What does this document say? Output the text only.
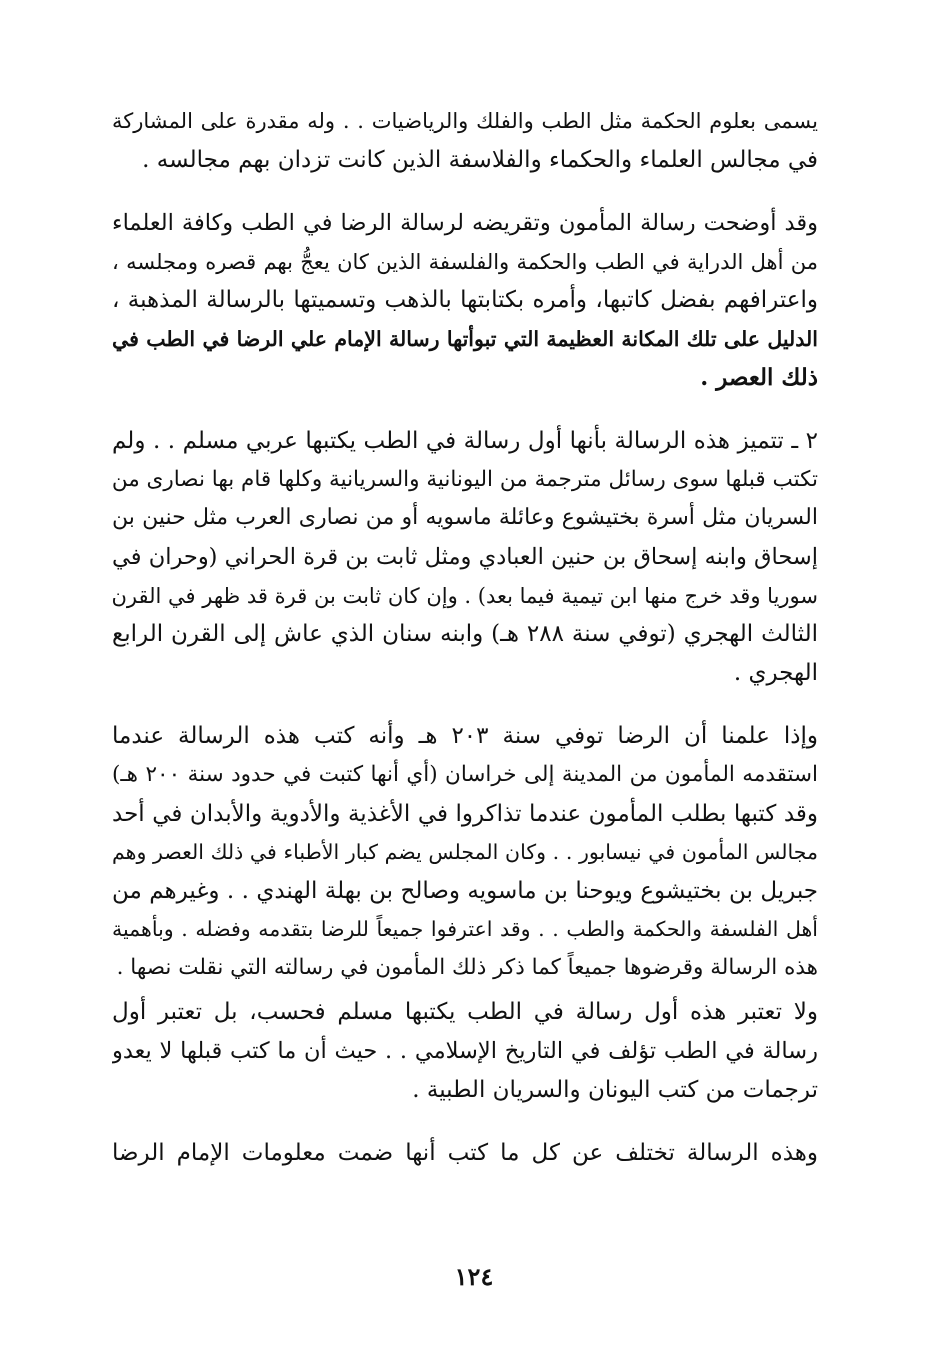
يسمى بعلوم الحكمة مثل الطب والفلك والرياضيات . . وله مقدرة على المشاركة
في مجالس العلماء والحكماء والفلاسفة الذين كانت تزدان بهم مجالسه .
وقد أوضحت رسالة المأمون وتقريضه لرسالة الرضا في الطب وكافة العلماء
من أهل الدراية في الطب والحكمة والفلسفة الذين كان يعجُّ بهم قصره ومجلسه ،
واعترافهم بفضل كاتبها، وأمره بكتابتها بالذهب وتسميتها بالرسالة المذهبة ،
الدليل على تلك المكانة العظيمة التي تبوأتها رسالة الإمام علي الرضا في الطب في
ذلك العصر .
٢ ـ تتميز هذه الرسالة بأنها أول رسالة في الطب يكتبها عربي مسلم . . ولم
تكتب قبلها سوى رسائل مترجمة من اليونانية والسريانية وكلها قام بها نصارى من
السريان مثل أسرة بختيشوع وعائلة ماسويه أو من نصارى العرب مثل حنين بن
إسحاق وابنه إسحاق بن حنين العبادي ومثل ثابت بن قرة الحراني (وحران في
سوريا وقد خرج منها ابن تيمية فيما بعد) . وإن كان ثابت بن قرة قد ظهر في القرن
الثالث الهجري (توفي سنة ٢٨٨ هـ) وابنه سنان الذي عاش إلى القرن الرابع
الهجري .
وإذا علمنا أن الرضا توفي سنة ٢٠٣ هـ وأنه كتب هذه الرسالة عندما
استقدمه المأمون من المدينة إلى خراسان (أي أنها كتبت في حدود سنة ٢٠٠ هـ)
وقد كتبها بطلب المأمون عندما تذاكروا في الأغذية والأدوية والأبدان في أحد
مجالس المأمون في نيسابور . . وكان المجلس يضم كبار الأطباء في ذلك العصر وهم
جبريل بن بختيشوع ويوحنا بن ماسويه وصالح بن بهلة الهندي . . وغيرهم من
أهل الفلسفة والحكمة والطب . . وقد اعترفوا جميعاً للرضا بتقدمه وفضله . وبأهمية
هذه الرسالة وقرضوها جميعاً كما ذكر ذلك المأمون في رسالته التي نقلت نصها .
ولا تعتبر هذه أول رسالة في الطب يكتبها مسلم فحسب، بل تعتبر أول
رسالة في الطب تؤلف في التاريخ الإسلامي . . حيث أن ما كتب قبلها لا يعدو
ترجمات من كتب اليونان والسريان الطبية .
وهذه الرسالة تختلف عن كل ما كتب أنها ضمت معلومات الإمام الرضا
١٢٤
